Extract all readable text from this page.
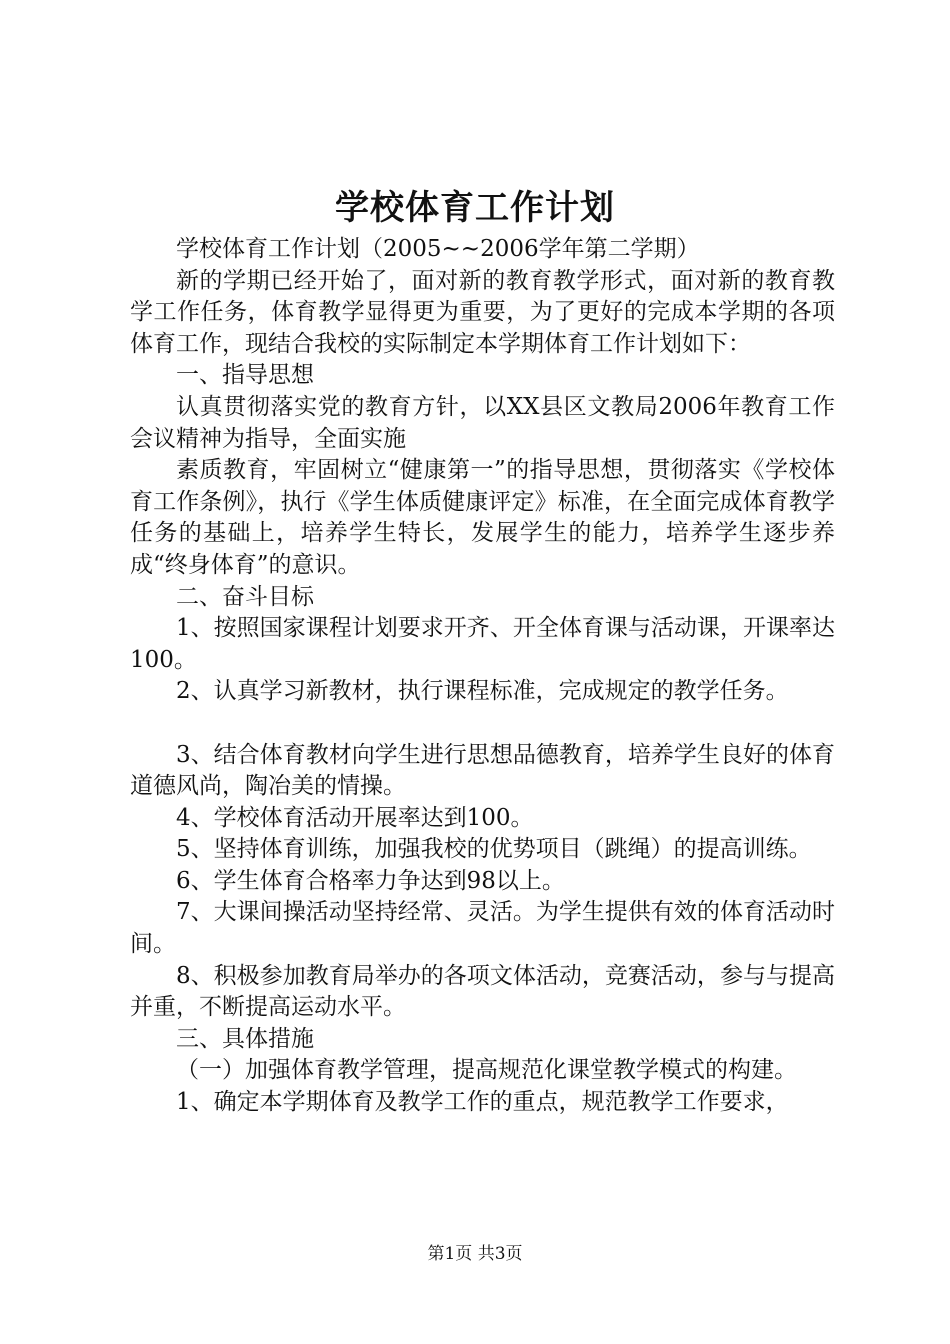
学校体育工作计划

学校体育工作计划（2005~~2006学年第二学期）

新的学期已经开始了，面对新的教育教学形式，面对新的教育教学工作任务，体育教学显得更为重要，为了更好的完成本学期的各项体育工作，现结合我校的实际制定本学期体育工作计划如下：

一、指导思想

认真贯彻落实党的教育方针，以XX县区文教局2006年教育工作会议精神为指导，全面实施

素质教育，牢固树立“健康第一”的指导思想，贯彻落实《学校体育工作条例》，执行《学生体质健康评定》标准，在全面完成体育教学任务的基础上，培养学生特长，发展学生的能力，培养学生逐步养成“终身体育”的意识。

二、奋斗目标

1、按照国家课程计划要求开齐、开全体育课与活动课，开课率达100。

2、认真学习新教材，执行课程标准，完成规定的教学任务。

3、结合体育教材向学生进行思想品德教育，培养学生良好的体育道德风尚，陶冶美的情操。

4、学校体育活动开展率达到100。

5、坚持体育训练，加强我校的优势项目（跳绳）的提高训练。

6、学生体育合格率力争达到98以上。

7、大课间操活动坚持经常、灵活。为学生提供有效的体育活动时间。

8、积极参加教育局举办的各项文体活动，竞赛活动，参与与提高并重，不断提高运动水平。

三、具体措施

（一）加强体育教学管理，提高规范化课堂教学模式的构建。

1、确定本学期体育及教学工作的重点，规范教学工作要求，

第1页 共3页
